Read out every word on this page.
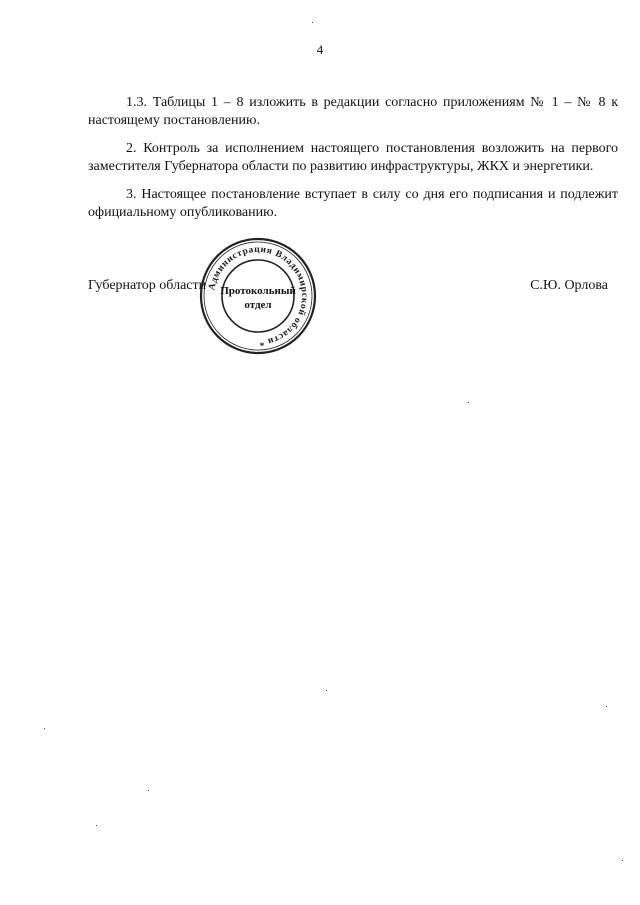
4

1.3. Таблицы 1 – 8 изложить в редакции согласно приложениям № 1 – № 8 к настоящему постановлению.

2. Контроль за исполнением настоящего постановления возложить на первого заместителя Губернатора области по развитию инфраструктуры, ЖКХ и энергетики.

3. Настоящее постановление вступает в силу со дня его подписания и подлежит официальному опубликованию.

Губернатор области	С.Ю. Орлова
Администрация Владимирской области *
Протокольный
отдел
